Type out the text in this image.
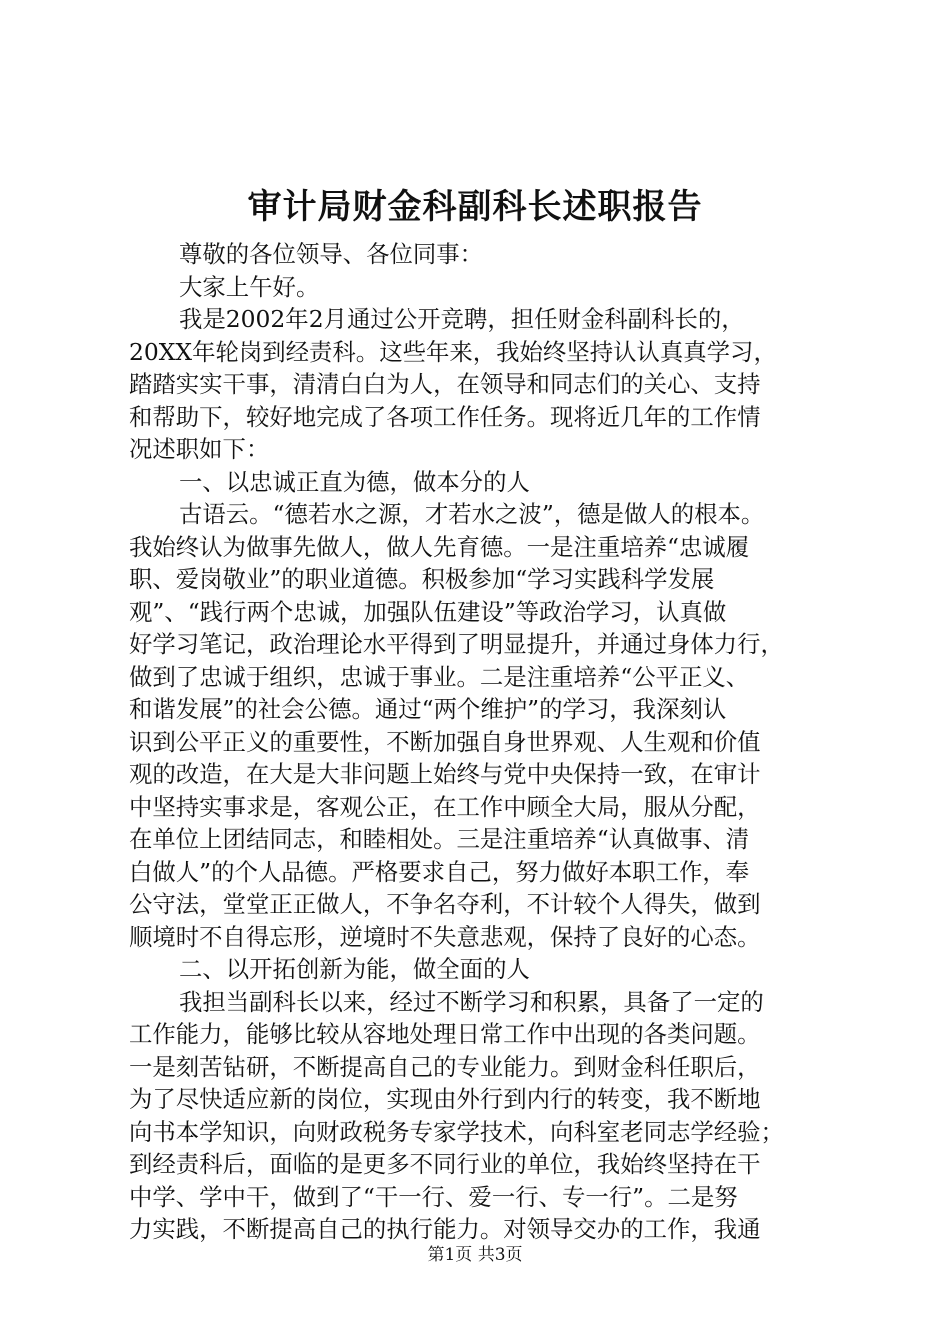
审计局财金科副科长述职报告
尊敬的各位领导、各位同事：
大家上午好。
我是2002年2月通过公开竞聘，担任财金科副科长的，
20XX年轮岗到经责科。这些年来，我始终坚持认认真真学习，
踏踏实实干事，清清白白为人，在领导和同志们的关心、支持
和帮助下，较好地完成了各项工作任务。现将近几年的工作情
况述职如下：
一、以忠诚正直为德，做本分的人
古语云。“德若水之源，才若水之波”，德是做人的根本。
我始终认为做事先做人，做人先育德。一是注重培养“忠诚履
职、爱岗敬业”的职业道德。积极参加“学习实践科学发展
观”、“践行两个忠诚，加强队伍建设”等政治学习，认真做
好学习笔记，政治理论水平得到了明显提升，并通过身体力行，
做到了忠诚于组织，忠诚于事业。二是注重培养“公平正义、
和谐发展”的社会公德。通过“两个维护”的学习，我深刻认
识到公平正义的重要性，不断加强自身世界观、人生观和价值
观的改造，在大是大非问题上始终与党中央保持一致，在审计
中坚持实事求是，客观公正，在工作中顾全大局，服从分配，
在单位上团结同志，和睦相处。三是注重培养“认真做事、清
白做人”的个人品德。严格要求自己，努力做好本职工作，奉
公守法，堂堂正正做人，不争名夺利，不计较个人得失，做到
顺境时不自得忘形，逆境时不失意悲观，保持了良好的心态。
二、以开拓创新为能，做全面的人
我担当副科长以来，经过不断学习和积累，具备了一定的
工作能力，能够比较从容地处理日常工作中出现的各类问题。
一是刻苦钻研，不断提高自己的专业能力。到财金科任职后，
为了尽快适应新的岗位，实现由外行到内行的转变，我不断地
向书本学知识，向财政税务专家学技术，向科室老同志学经验；
到经责科后，面临的是更多不同行业的单位，我始终坚持在干
中学、学中干，做到了“干一行、爱一行、专一行”。二是努
力实践，不断提高自己的执行能力。对领导交办的工作，我通
第1页 共3页
